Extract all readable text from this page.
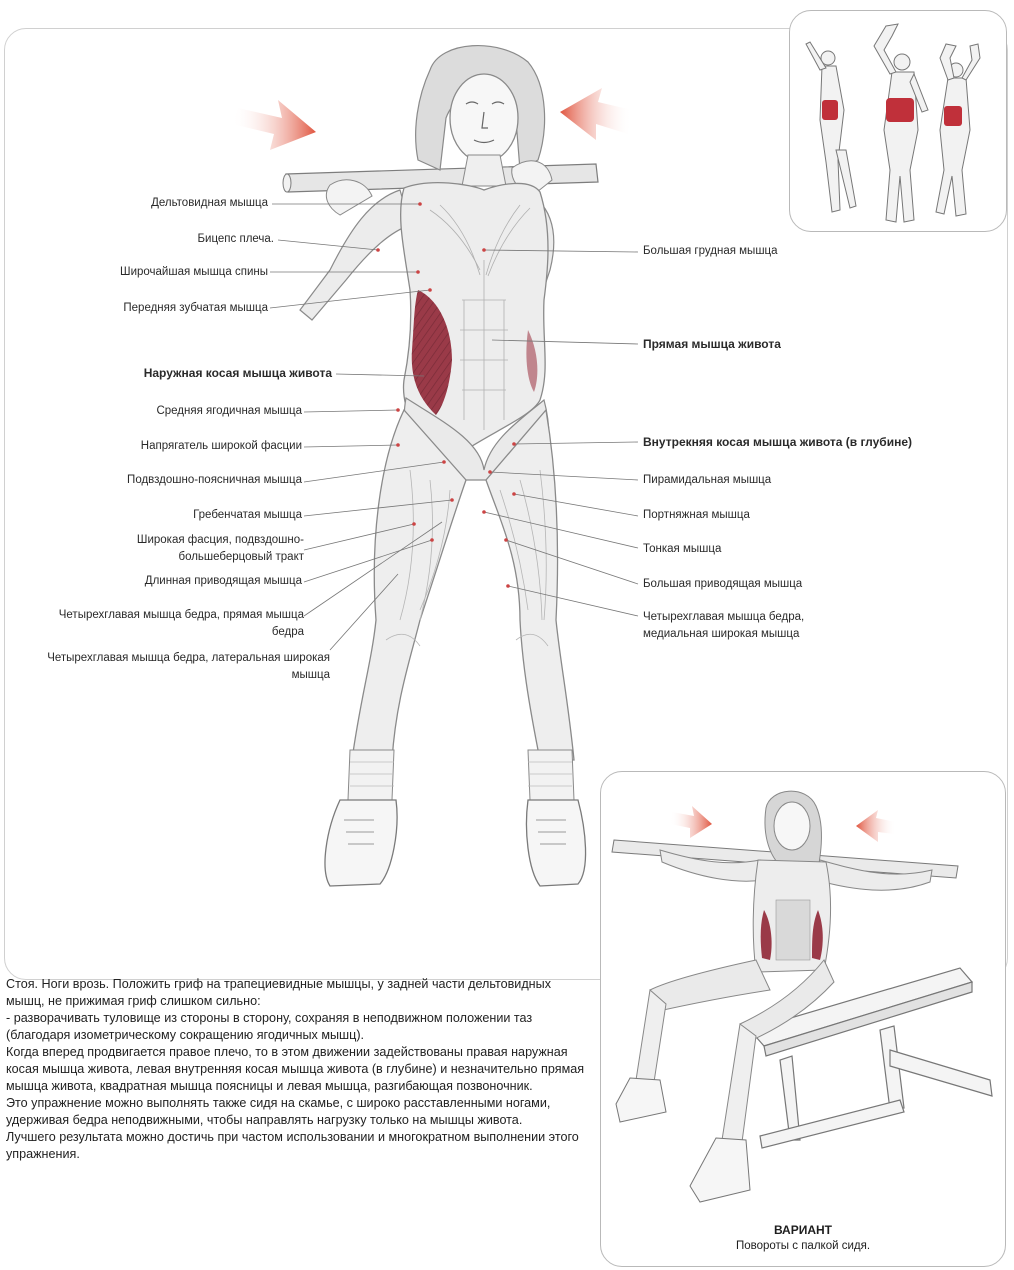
Дельтовидная мышца
Бицепс плеча.
Широчайшая мышца спины
Передняя зубчатая мышца
Наружная косая мышца живота
Средняя ягодичная мышца
Напрягатель широкой фасции
Подвздошно-поясничная мышца
Гребенчатая мышца
Широкая фасция, подвздошно-большеберцовый тракт
Длинная приводящая мышца
Четырехглавая мышца бедра, прямая мышца бедра
Четырехглавая мышца бедра, латеральная широкая мышца
Большая грудная мышца
Прямая мышца живота
Внутрекняя косая мышца живота (в глубине)
Пирамидальная мышца
Портняжная мышца
Тонкая мышца
Большая приводящая мышца
Четырехглавая мышца бедра, медиальная широкая мышца

Стоя. Ноги врозь. Положить гриф на трапециевидные мышцы, у задней части дельтовидных мышц, не прижимая гриф слишком сильно:

- разворачивать туловище из стороны в сторону, сохраняя в неподвижном положении таз (благодаря изометрическому сокращению ягодичных мышц).

Когда вперед продвигается правое плечо, то в этом движении задействованы правая наружная косая мышца живота, левая внутренняя косая мышца живота (в глубине) и незначительно прямая мышца живота, квадратная мышца поясницы и левая мышца, разгибающая позвоночник.

Это упражнение можно выполнять также сидя на скамье, с широко расставленными ногами, удерживая бедра неподвижными, чтобы направлять нагрузку только на мышцы живота.

Лучшего результата можно достичь при частом использовании и многократном выполнении этого упражнения.

ВАРИАНТ
Повороты с палкой сидя.
